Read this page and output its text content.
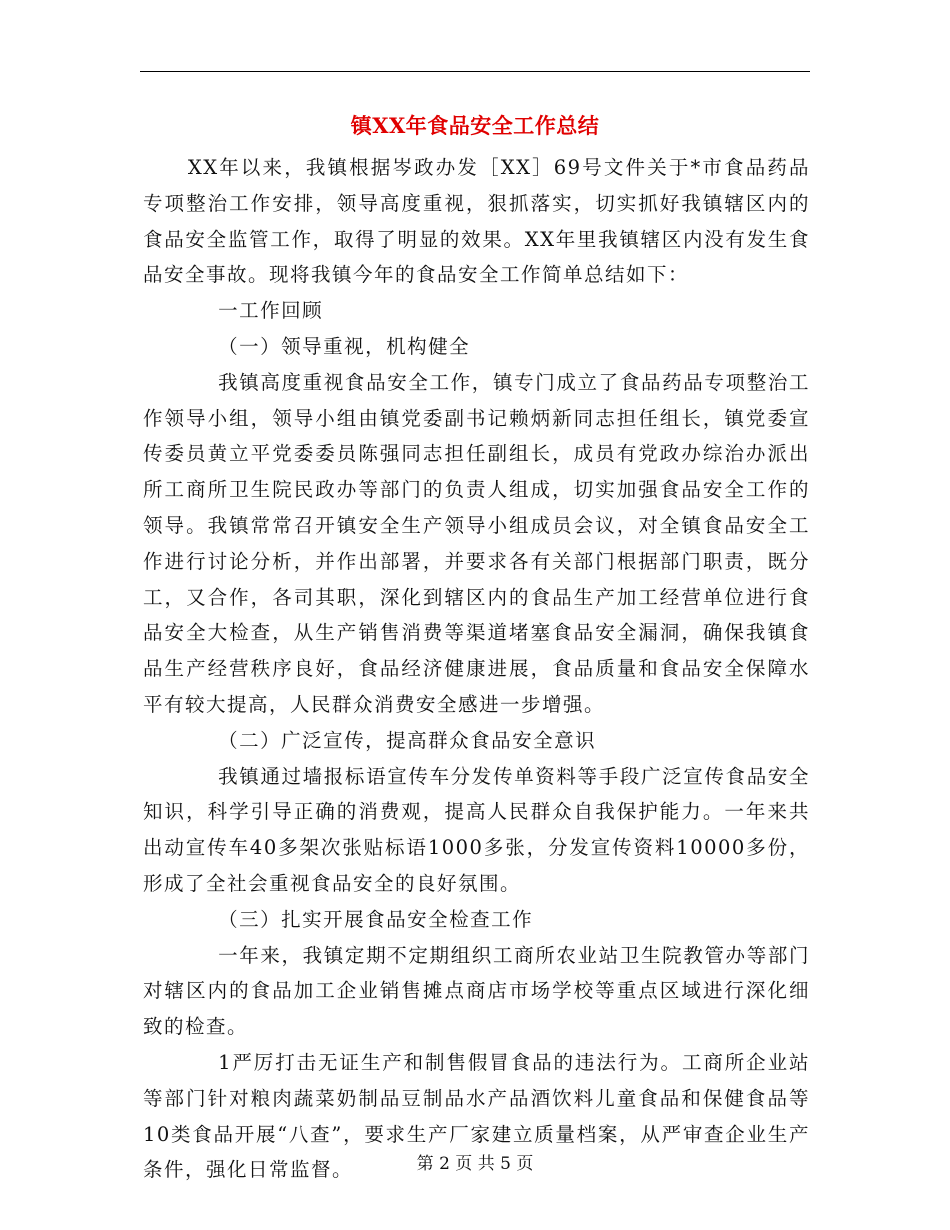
镇XX年食品安全工作总结

XX年以来，我镇根据岑政办发［XX］69号文件关于*市食品药品专项整治工作安排，领导高度重视，狠抓落实，切实抓好我镇辖区内的食品安全监管工作，取得了明显的效果。XX年里我镇辖区内没有发生食品安全事故。现将我镇今年的食品安全工作简单总结如下：

一工作回顾

（一）领导重视，机构健全

我镇高度重视食品安全工作，镇专门成立了食品药品专项整治工作领导小组，领导小组由镇党委副书记赖炳新同志担任组长，镇党委宣传委员黄立平党委委员陈强同志担任副组长，成员有党政办综治办派出所工商所卫生院民政办等部门的负责人组成，切实加强食品安全工作的领导。我镇常常召开镇安全生产领导小组成员会议，对全镇食品安全工作进行讨论分析，并作出部署，并要求各有关部门根据部门职责，既分工，又合作，各司其职，深化到辖区内的食品生产加工经营单位进行食品安全大检查，从生产销售消费等渠道堵塞食品安全漏洞，确保我镇食品生产经营秩序良好，食品经济健康进展，食品质量和食品安全保障水平有较大提高，人民群众消费安全感进一步增强。

（二）广泛宣传，提高群众食品安全意识

我镇通过墙报标语宣传车分发传单资料等手段广泛宣传食品安全知识，科学引导正确的消费观，提高人民群众自我保护能力。一年来共出动宣传车40多架次张贴标语1000多张，分发宣传资料10000多份，形成了全社会重视食品安全的良好氛围。

（三）扎实开展食品安全检查工作

一年来，我镇定期不定期组织工商所农业站卫生院教管办等部门对辖区内的食品加工企业销售摊点商店市场学校等重点区域进行深化细致的检查。

1严厉打击无证生产和制售假冒食品的违法行为。工商所企业站等部门针对粮肉蔬菜奶制品豆制品水产品酒饮料儿童食品和保健食品等10类食品开展“八查”，要求生产厂家建立质量档案，从严审查企业生产条件，强化日常监督。	第 2 页 共 5 页
